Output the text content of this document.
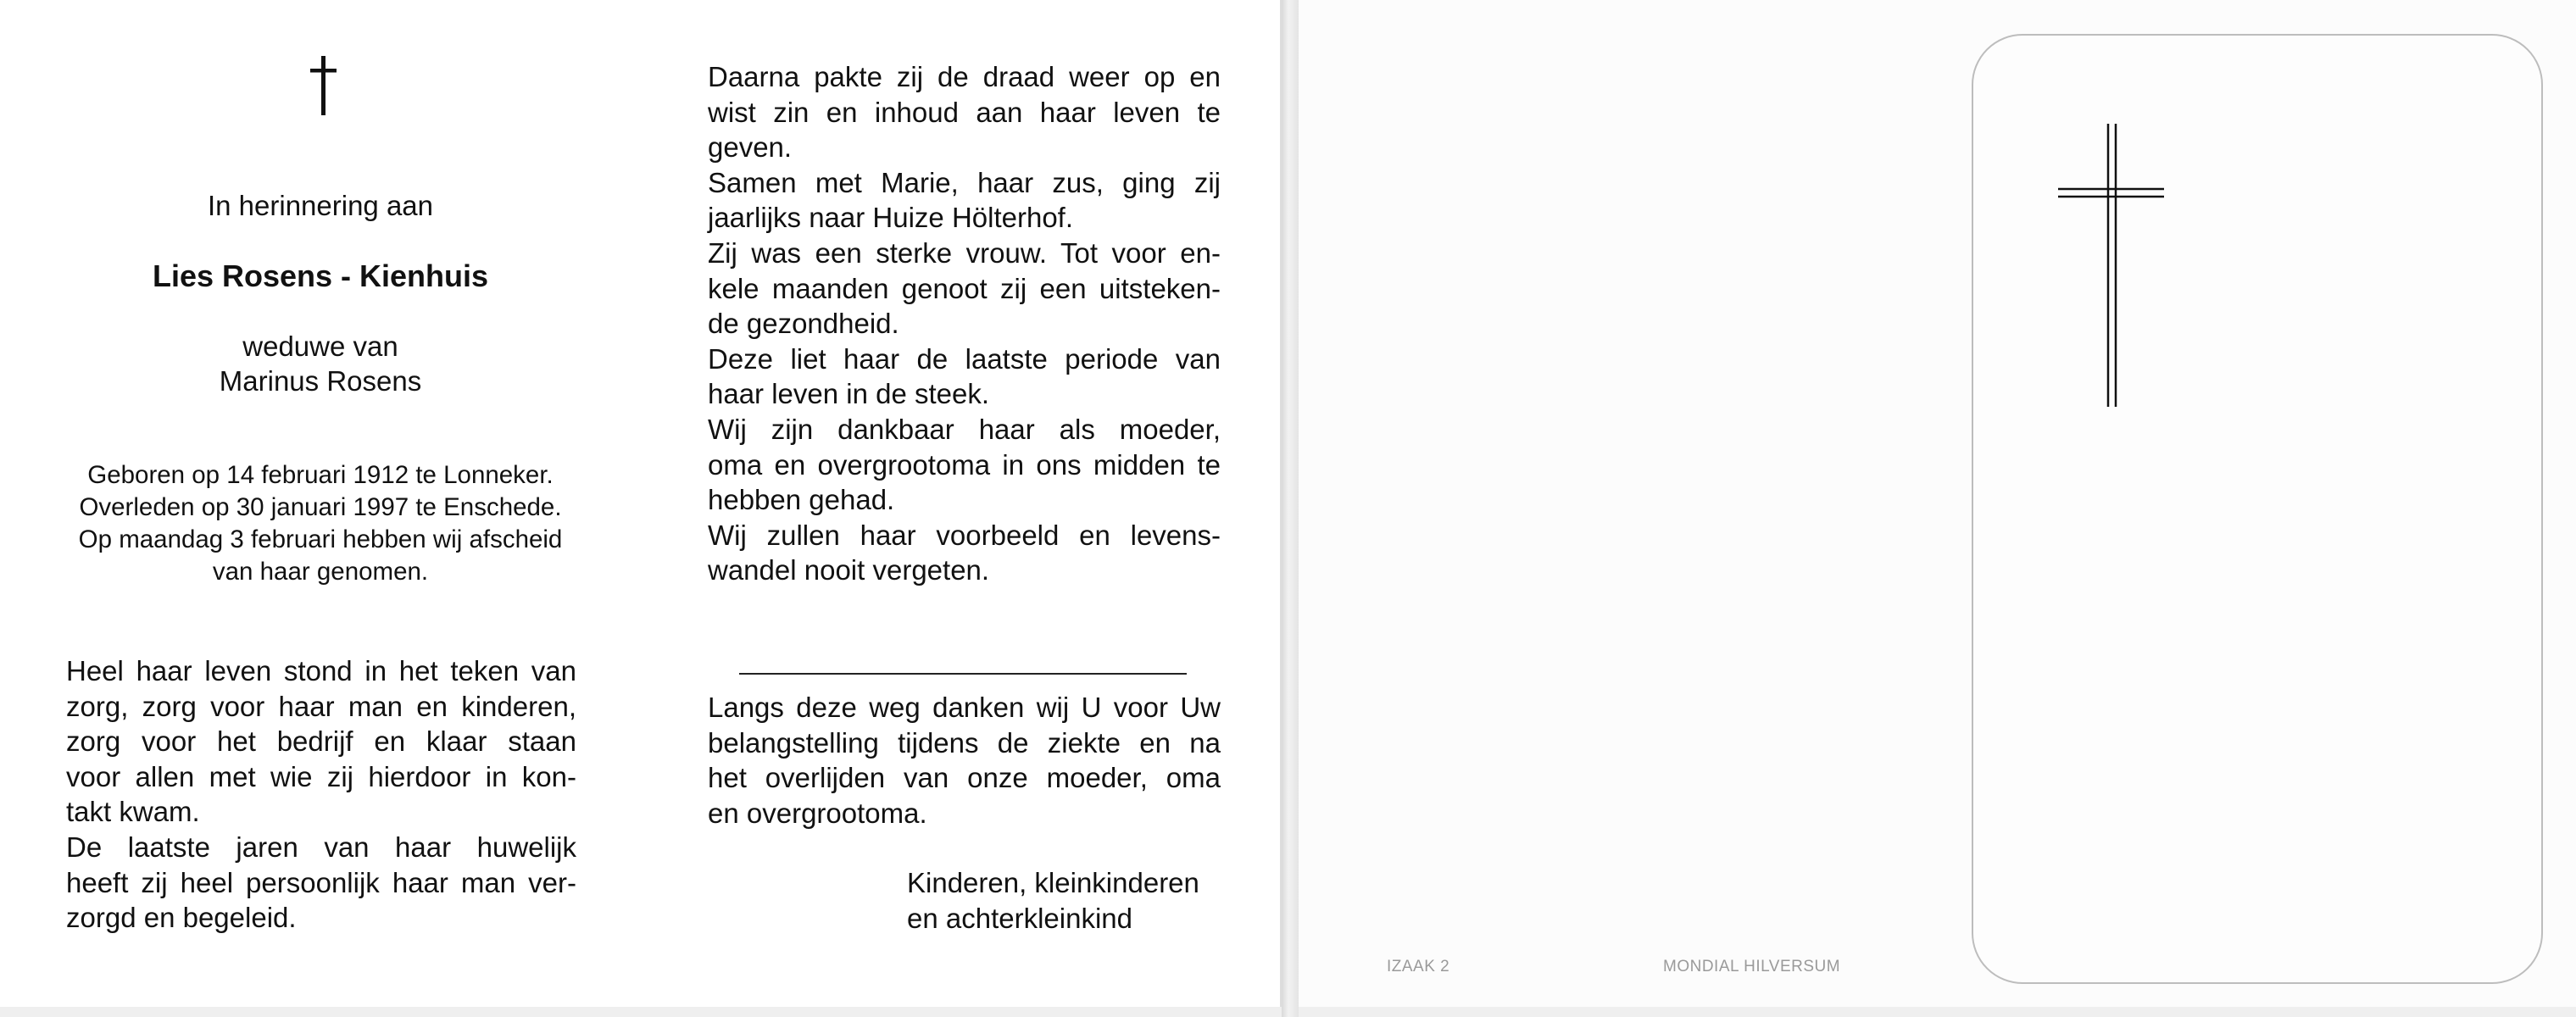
In herinnering aan
Lies Rosens - Kienhuis
weduwe van
Marinus Rosens
Geboren op 14 februari 1912 te Lonneker.
Overleden op 30 januari 1997 te Enschede.
Op maandag 3 februari hebben wij afscheid
van haar genomen.
Heel haar leven stond in het teken van
zorg, zorg voor haar man en kinderen,
zorg voor het bedrijf en klaar staan
voor allen met wie zij hierdoor in kon-
takt kwam.
De laatste jaren van haar huwelijk
heeft zij heel persoonlijk haar man ver-
zorgd en begeleid.
Daarna pakte zij de draad weer op en
wist zin en inhoud aan haar leven te
geven.
Samen met Marie, haar zus, ging zij
jaarlijks naar Huize Hölterhof.
Zij was een sterke vrouw. Tot voor en-
kele maanden genoot zij een uitsteken-
de gezondheid.
Deze liet haar de laatste periode van
haar leven in de steek.
Wij zijn dankbaar haar als moeder,
oma en overgrootoma in ons midden te
hebben gehad.
Wij zullen haar voorbeeld en levens-
wandel nooit vergeten.
Langs deze weg danken wij U voor Uw
belangstelling tijdens de ziekte en na
het overlijden van onze moeder, oma
en overgrootoma.
Kinderen, kleinkinderen
en achterkleinkind
IZAAK 2	MONDIAL HILVERSUM
